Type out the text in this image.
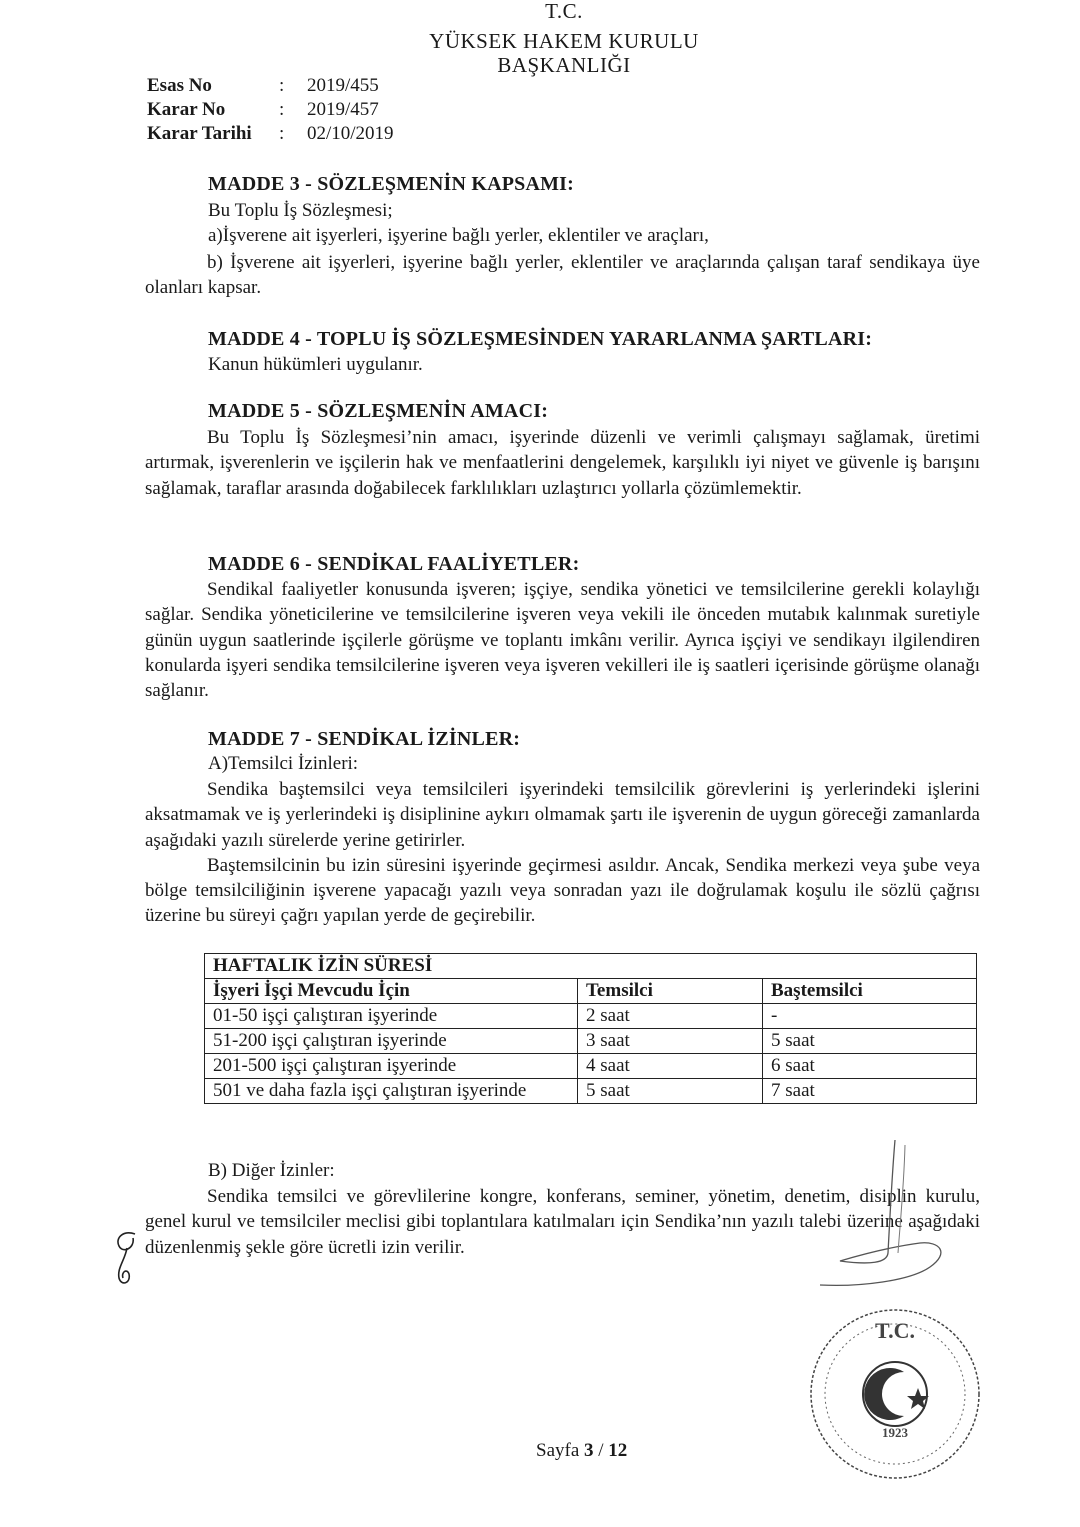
T.C.
YÜKSEK HAKEM KURULU
BAŞKANLIĞI
Esas No	: 2019/455
Karar No	: 2019/457
Karar Tarihi : 02/10/2019
MADDE 3 - SÖZLEŞMENİN KAPSAMI:
Bu Toplu İş Sözleşmesi;
a)İşverene ait işyerleri, işyerine bağlı yerler, eklentiler ve araçları,

b) İşverene ait işyerleri, işyerine bağlı yerler, eklentiler ve araçlarında çalışan taraf sendikaya üye olanları kapsar.

MADDE 4 - TOPLU İŞ SÖZLEŞMESİNDEN YARARLANMA ŞARTLARI:
Kanun hükümleri uygulanır.
MADDE 5 - SÖZLEŞMENİN AMACI:

Bu Toplu İş Sözleşmesi’nin amacı, işyerinde düzenli ve verimli çalışmayı sağlamak, üretimi artırmak, işverenlerin ve işçilerin hak ve menfaatlerini dengelemek, karşılıklı iyi niyet ve güvenle iş barışını sağlamak, taraflar arasında doğabilecek farklılıkları uzlaştırıcı yollarla çözümlemektir.

MADDE 6 - SENDİKAL FAALİYETLER:

Sendikal faaliyetler konusunda işveren; işçiye, sendika yönetici ve temsilcilerine gerekli kolaylığı sağlar. Sendika yöneticilerine ve temsilcilerine işveren veya vekili ile önceden mutabık kalınmak suretiyle günün uygun saatlerinde işçilerle görüşme ve toplantı imkânı verilir. Ayrıca işçiyi ve sendikayı ilgilendiren konularda işyeri sendika temsilcilerine işveren veya işveren vekilleri ile iş saatleri içerisinde görüşme olanağı sağlanır.

MADDE 7 - SENDİKAL İZİNLER:
A)Temsilci İzinleri:

Sendika baştemsilci veya temsilcileri işyerindeki temsilcilik görevlerini iş yerlerindeki işlerini aksatmamak ve iş yerlerindeki iş disiplinine aykırı olmamak şartı ile işverenin de uygun göreceği zamanlarda aşağıdaki yazılı sürelerde yerine getirirler.

Baştemsilcinin bu izin süresini işyerinde geçirmesi asıldır. Ancak, Sendika merkezi veya şube veya bölge temsilciliğinin işverene yapacağı yazılı veya sonradan yazı ile doğrulamak koşulu ile sözlü çağrısı üzerine bu süreyi çağrı yapılan yerde de geçirebilir.

HAFTALIK İZİN SÜRESİ		
İşyeri İşçi Mevcudu İçin	Temsilci	Baştemsilci
01-50 işçi çalıştıran işyerinde	2 saat	-
51-200 işçi çalıştıran işyerinde	3 saat	5 saat
201-500 işçi çalıştıran işyerinde	4 saat	6 saat
501 ve daha fazla işçi çalıştıran işyerinde	5 saat	7 saat
B) Diğer İzinler:

Sendika temsilci ve görevlilerine kongre, konferans, seminer, yönetim, denetim, disiplin kurulu, genel kurul ve temsilciler meclisi gibi toplantılara katılmaları için Sendika’nın yazılı talebi üzerine aşağıdaki düzenlenmiş şekle göre ücretli izin verilir.

T.C.
1923
Sayfa 3 / 12
